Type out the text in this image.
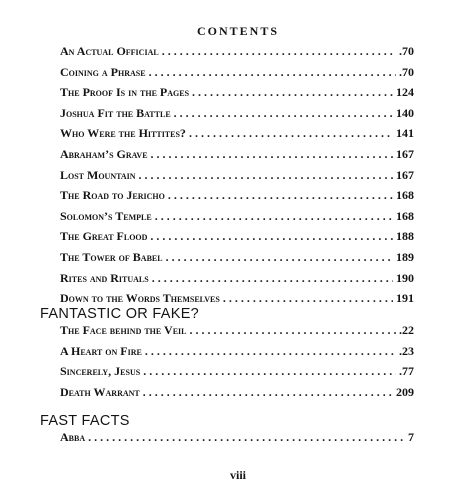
CONTENTS
An Actual Official . . .	.70
Coining a Phrase . . .	.70
The Proof Is in the Pages . . .	124
Joshua Fit the Battle . . .	140
Who Were the Hittites? . . .	141
Abraham’s Grave . . .	167
Lost Mountain . . .	167
The Road to Jericho . . .	168
Solomon’s Temple . . .	168
The Great Flood . . .	188
The Tower of Babel . . .	189
Rites and Rituals . . .	190
Down to the Words Themselves . . .	191
FANTASTIC OR FAKE?
The Face behind the Veil . . .	.22
A Heart on Fire . . .	.23
Sincerely, Jesus . . .	.77
Death Warrant . . .	209
FAST FACTS
Abba . . .	7
viii
